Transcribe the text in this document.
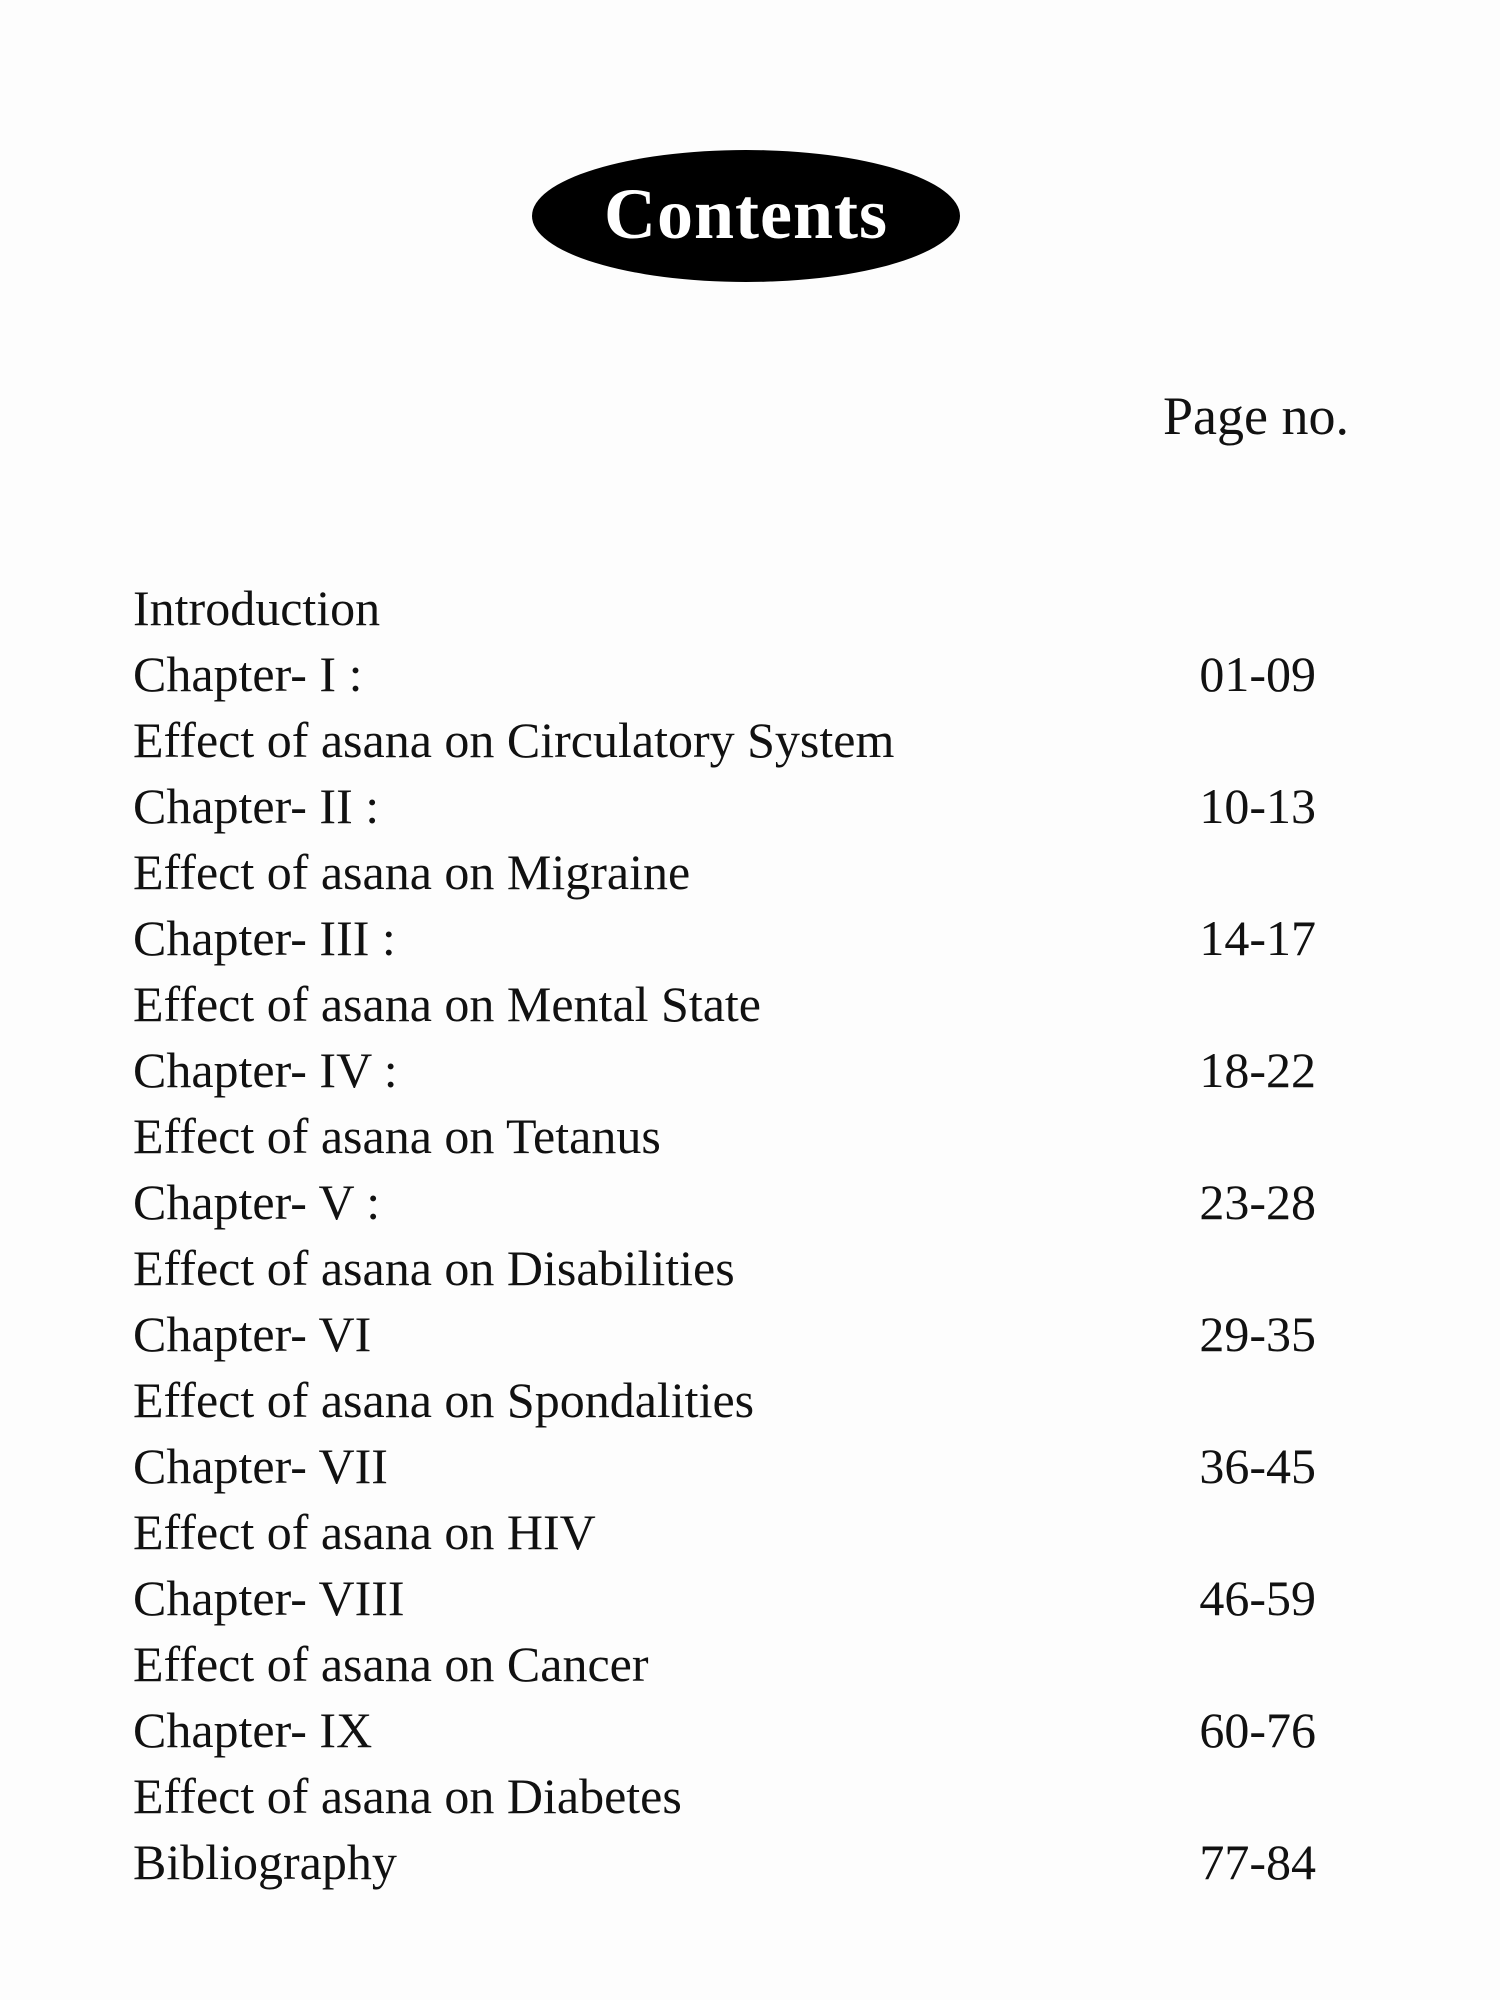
Contents
Page no.
Introduction
Chapter- I :	01-09
Effect of asana on Circulatory System
Chapter- II :	10-13
Effect of asana on Migraine
Chapter- III :	14-17
Effect of asana on Mental State
Chapter- IV :	18-22
Effect of asana on Tetanus
Chapter- V :	23-28
Effect of asana on Disabilities
Chapter- VI	29-35
Effect of asana on Spondalities
Chapter- VII	36-45
Effect of asana on HIV
Chapter- VIII	46-59
Effect of asana on Cancer
Chapter- IX	60-76
Effect of asana on Diabetes
Bibliography	77-84
